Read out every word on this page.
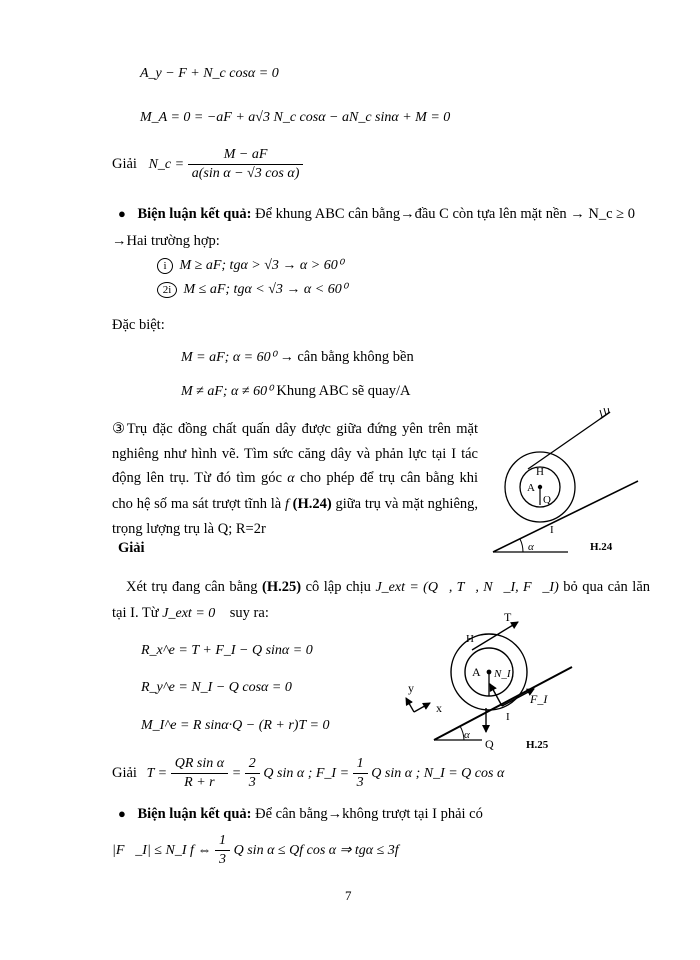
A_y − F + N_c cosα = 0
M_A = 0 = −aF + a√3 N_c cosα − aN_c sinα + M = 0
Giải N_c = $\frac{M - aF}{\text{a(sin α − √3 cos α)}}$
● Biện luận kết quả: Để khung ABC cân bằng→đầu C còn tựa lên mặt nền → N_c ≥ 0
→Hai trường hợp:
i M ≥ aF; tgα > √3 → α > 60⁰
2i M ≤ aF; tgα < √3 → α < 60⁰
Đặc biệt:
M = aF; α = 60⁰ → cân bằng không bền
M ≠ aF; α ≠ 60⁰ Khung ABC sẽ quay/A
③Trụ đặc đồng chất quấn dây được giữa đứng yên trên mặt nghiêng như hình vẽ. Tìm sức căng dây và phản lực tại I tác động lên trụ. Từ đó tìm góc α cho phép để trụ cân bằng khi cho hệ số ma sát trượt tĩnh là f (H.24) giữa trụ và mặt nghiêng, trọng lượng trụ là Q; R=2r
H
A
Q
I
α	H.24
Giải
Xét trụ đang cân bằng (H.25) cô lập chịu J_ext = (Q⃗, T⃗, N⃗_I, F⃗_I) bỏ qua cản lăn tại I. Từ J_ext = 0⃗ suy ra:
R_x^e = T + F_I − Q sinα = 0
R_y^e = N_I − Q cosα = 0
M_I^e = R sinα·Q − (R + r)T = 0
Giải $T = \frac{\text{QR sin α}}{R + r} = \frac{2}{3}$ Q sin α ; F_I = $\frac{1}{3}$ Q sin α ; N_I = Q cos α
T
H
A N_I
F_I
y
x
I
Q
α
H.25
● Biện luận kết quả: Để cân bằng→không trượt tại I phải có
|F⃗_I| ≤ N_I f ⇔ $\frac{1}{3}$ Q sin α ≤ Qf cos α ⇒ tgα ≤ 3f
7
